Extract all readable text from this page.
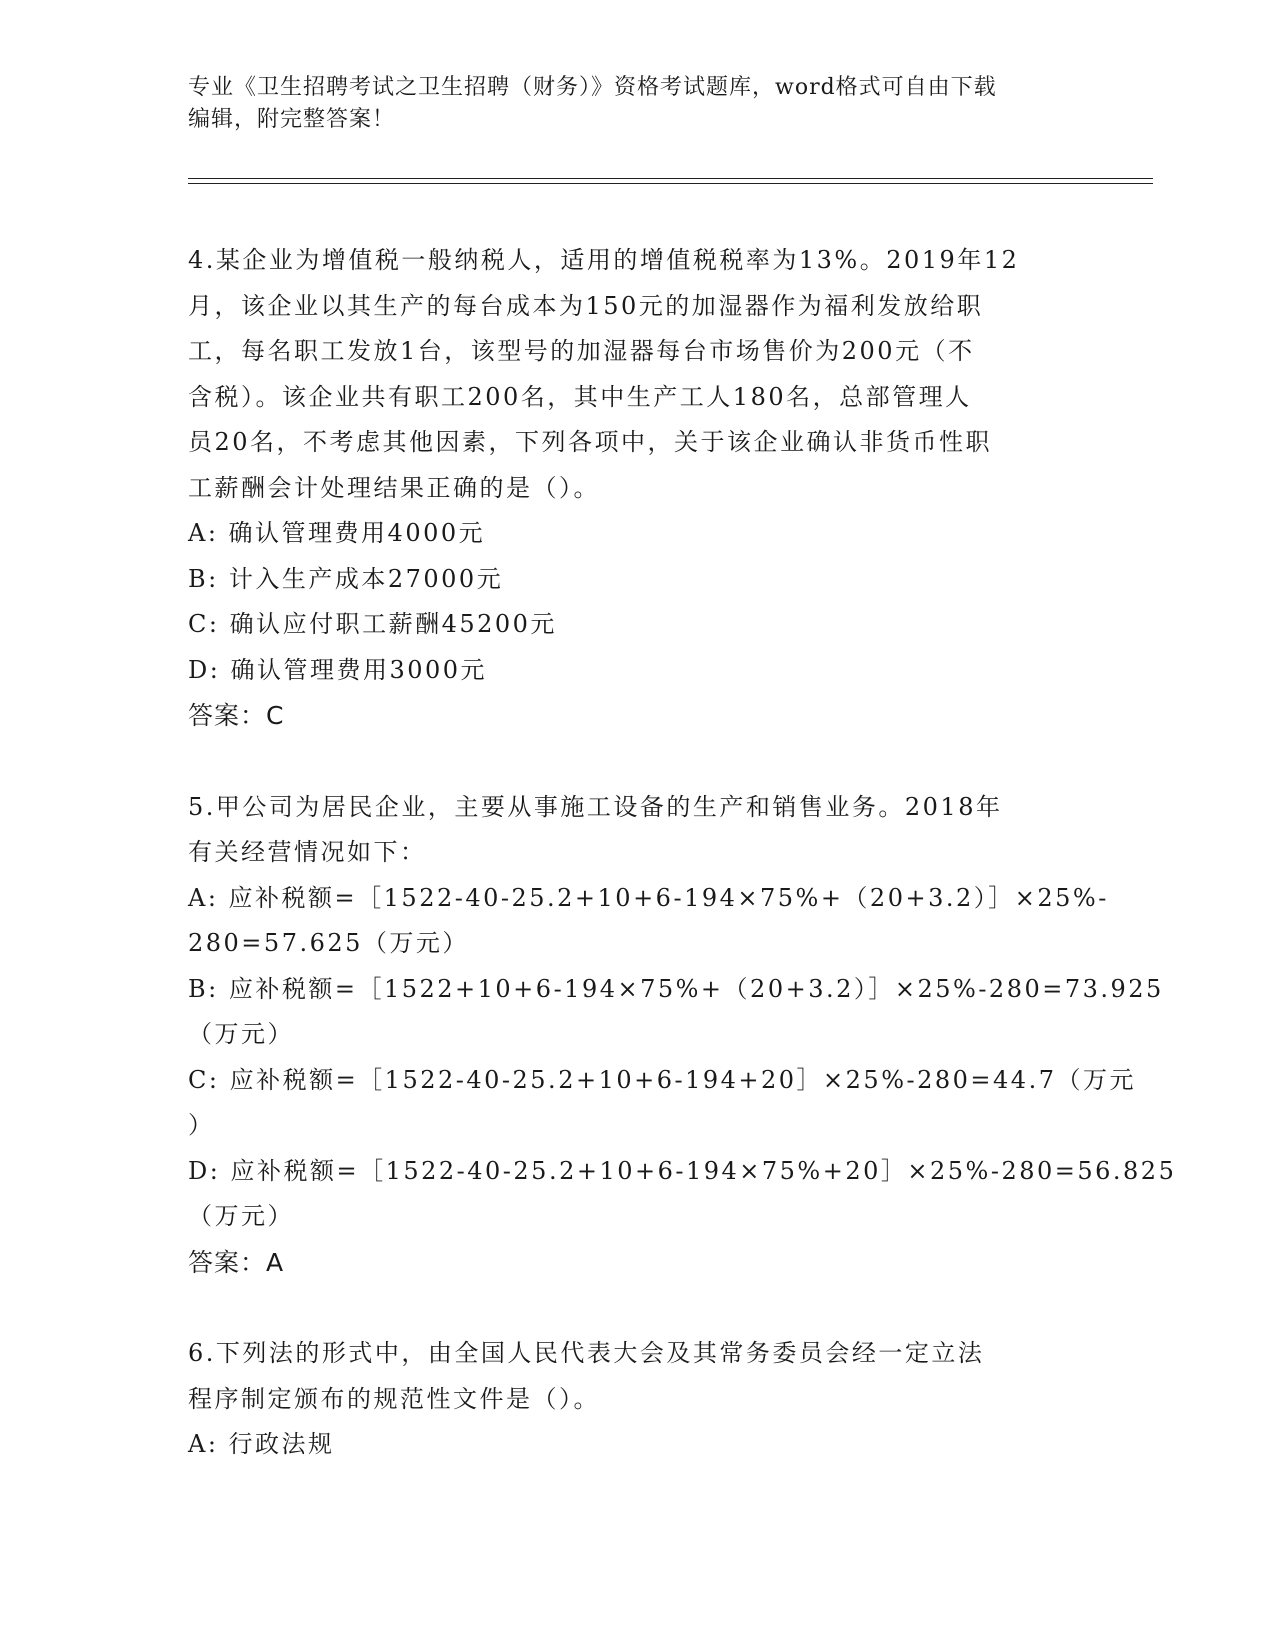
专业《卫生招聘考试之卫生招聘（财务）》资格考试题库，word格式可自由下载
编辑，附完整答案！
4.某企业为增值税一般纳税人，适用的增值税税率为13%。2019年12
月，该企业以其生产的每台成本为150元的加湿器作为福利发放给职
工，每名职工发放1台，该型号的加湿器每台市场售价为200元（不
含税）。该企业共有职工200名，其中生产工人180名，总部管理人
员20名，不考虑其他因素，下列各项中，关于该企业确认非货币性职
工薪酬会计处理结果正确的是（）。
A: 确认管理费用4000元
B: 计入生产成本27000元
C: 确认应付职工薪酬45200元
D: 确认管理费用3000元
答案：C
5.甲公司为居民企业，主要从事施工设备的生产和销售业务。2018年
有关经营情况如下：
A: 应补税额=［1522-40-25.2+10+6-194×75%+（20+3.2）］×25%-
280=57.625（万元）
B: 应补税额=［1522+10+6-194×75%+（20+3.2）］×25%-280=73.925
（万元）
C: 应补税额=［1522-40-25.2+10+6-194+20］×25%-280=44.7（万元
）
D: 应补税额=［1522-40-25.2+10+6-194×75%+20］×25%-280=56.825
（万元）
答案：A
6.下列法的形式中，由全国人民代表大会及其常务委员会经一定立法
程序制定颁布的规范性文件是（）。
A: 行政法规
